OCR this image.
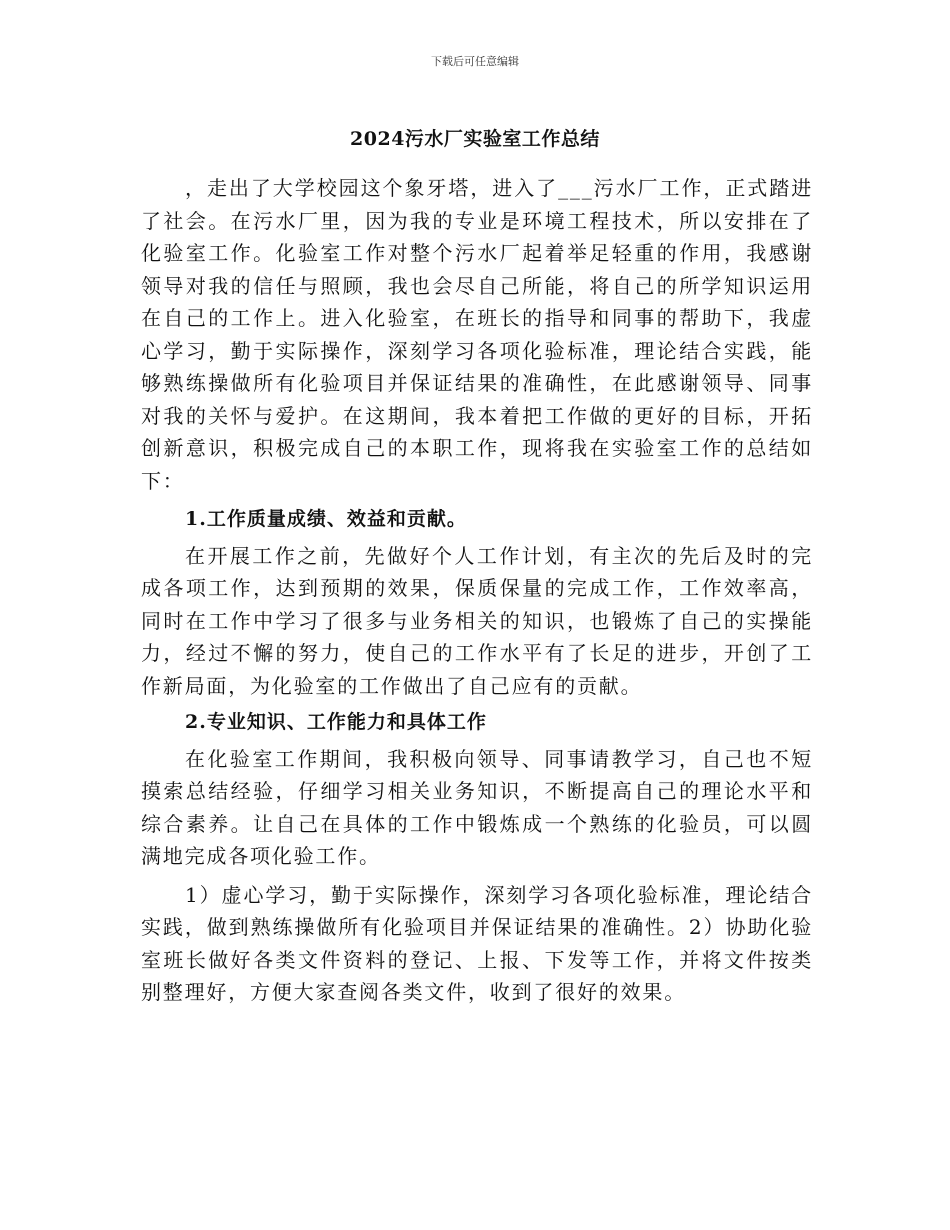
下载后可任意编辑
2024污水厂实验室工作总结

，走出了大学校园这个象牙塔，进入了___污水厂工作，正式踏进了社会。在污水厂里，因为我的专业是环境工程技术，所以安排在了化验室工作。化验室工作对整个污水厂起着举足轻重的作用，我感谢领导对我的信任与照顾，我也会尽自己所能，将自己的所学知识运用在自己的工作上。进入化验室，在班长的指导和同事的帮助下，我虚心学习，勤于实际操作，深刻学习各项化验标准，理论结合实践，能够熟练操做所有化验项目并保证结果的准确性，在此感谢领导、同事对我的关怀与爱护。在这期间，我本着把工作做的更好的目标，开拓创新意识，积极完成自己的本职工作，现将我在实验室工作的总结如下：

1.工作质量成绩、效益和贡献。

在开展工作之前，先做好个人工作计划，有主次的先后及时的完成各项工作，达到预期的效果，保质保量的完成工作，工作效率高，同时在工作中学习了很多与业务相关的知识，也锻炼了自己的实操能力，经过不懈的努力，使自己的工作水平有了长足的进步，开创了工作新局面，为化验室的工作做出了自己应有的贡献。

2.专业知识、工作能力和具体工作

在化验室工作期间，我积极向领导、同事请教学习，自己也不短摸索总结经验，仔细学习相关业务知识，不断提高自己的理论水平和综合素养。让自己在具体的工作中锻炼成一个熟练的化验员，可以圆满地完成各项化验工作。

1）虚心学习，勤于实际操作，深刻学习各项化验标准，理论结合实践，做到熟练操做所有化验项目并保证结果的准确性。2）协助化验室班长做好各类文件资料的登记、上报、下发等工作，并将文件按类别整理好，方便大家查阅各类文件，收到了很好的效果。
